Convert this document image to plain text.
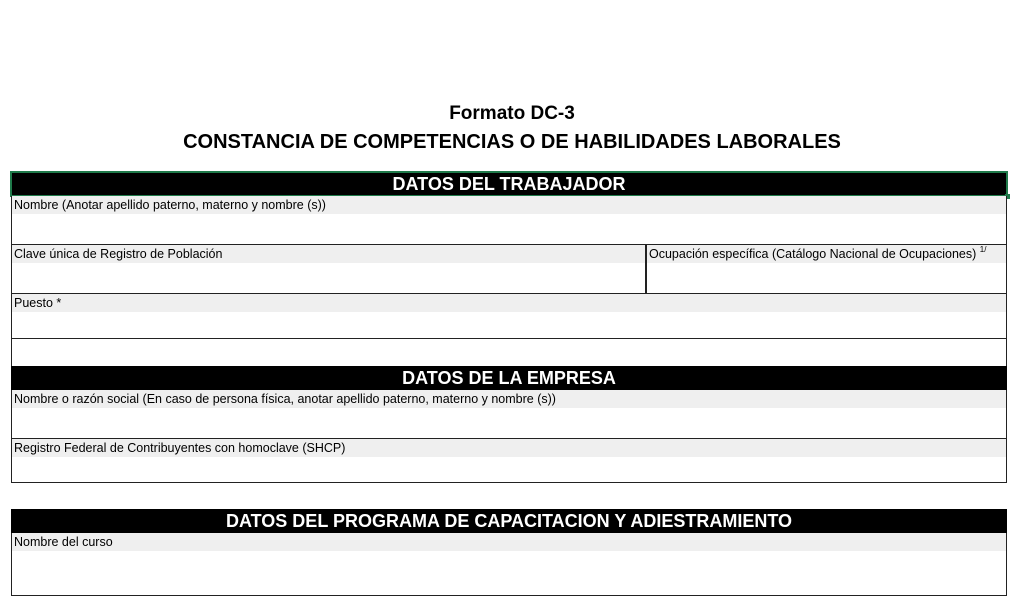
Formato DC-3
CONSTANCIA DE COMPETENCIAS O DE HABILIDADES LABORALES
DATOS DEL TRABAJADOR
Nombre (Anotar apellido paterno, materno y nombre (s))
Clave única de Registro de Población	Ocupación específica (Catálogo Nacional de Ocupaciones) $^{1/}$
Puesto *
DATOS DE LA EMPRESA
Nombre o razón social (En caso de persona física, anotar apellido paterno, materno y nombre (s))
Registro Federal de Contribuyentes con homoclave (SHCP)
DATOS DEL PROGRAMA DE CAPACITACION Y ADIESTRAMIENTO
Nombre del curso
